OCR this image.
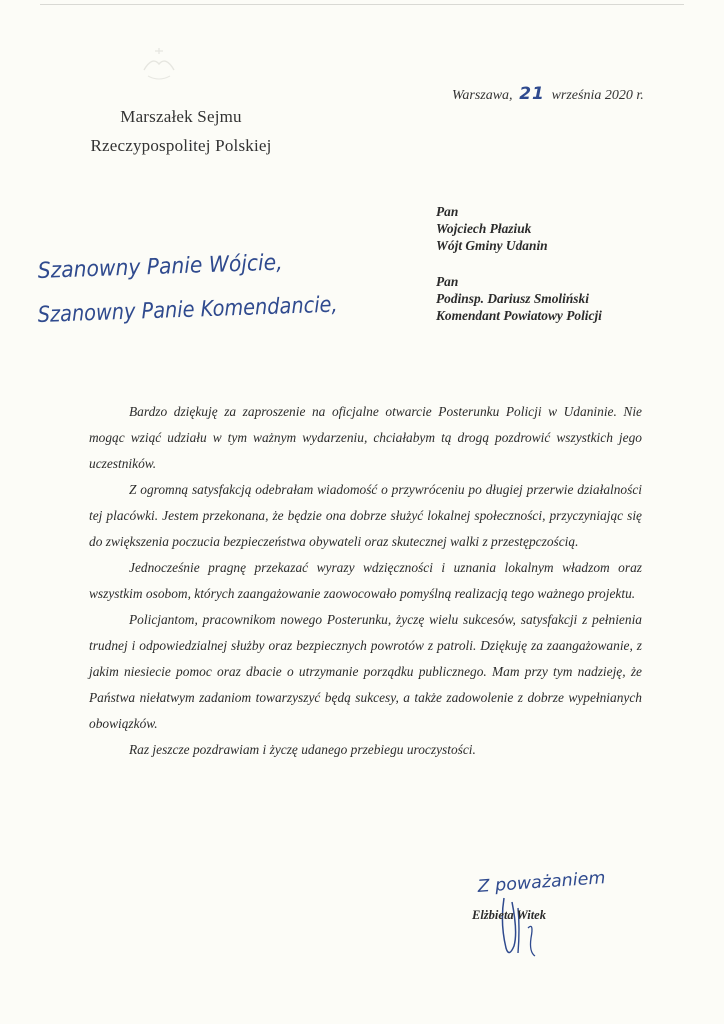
Marszałek Sejmu
Rzeczypospolitej Polskiej
Warszawa, 21 września 2020 r.
Pan
Wojciech Płaziuk
Wójt Gminy Udanin
Pan
Podinsp. Dariusz Smoliński
Komendant Powiatowy Policji
Szanowny Panie Wójcie,
Szanowny Panie Komendancie,

Bardzo dziękuję za zaproszenie na oficjalne otwarcie Posterunku Policji w Udaninie. Nie mogąc wziąć udziału w tym ważnym wydarzeniu, chciałabym tą drogą pozdrowić wszystkich jego uczestników.

Z ogromną satysfakcją odebrałam wiadomość o przywróceniu po długiej przerwie działalności tej placówki. Jestem przekonana, że będzie ona dobrze służyć lokalnej społeczności, przyczyniając się do zwiększenia poczucia bezpieczeństwa obywateli oraz skutecznej walki z przestępczością.

Jednocześnie pragnę przekazać wyrazy wdzięczności i uznania lokalnym władzom oraz wszystkim osobom, których zaangażowanie zaowocowało pomyślną realizacją tego ważnego projektu.

Policjantom, pracownikom nowego Posterunku, życzę wielu sukcesów, satysfakcji z pełnienia trudnej i odpowiedzialnej służby oraz bezpiecznych powrotów z patroli. Dziękuję za zaangażowanie, z jakim niesiecie pomoc oraz dbacie o utrzymanie porządku publicznego. Mam przy tym nadzieję, że Państwa niełatwym zadaniom towarzyszyć będą sukcesy, a także zadowolenie z dobrze wypełnianych obowiązków.

Raz jeszcze pozdrawiam i życzę udanego przebiegu uroczystości.

Z poważaniem
Elżbieta Witek
